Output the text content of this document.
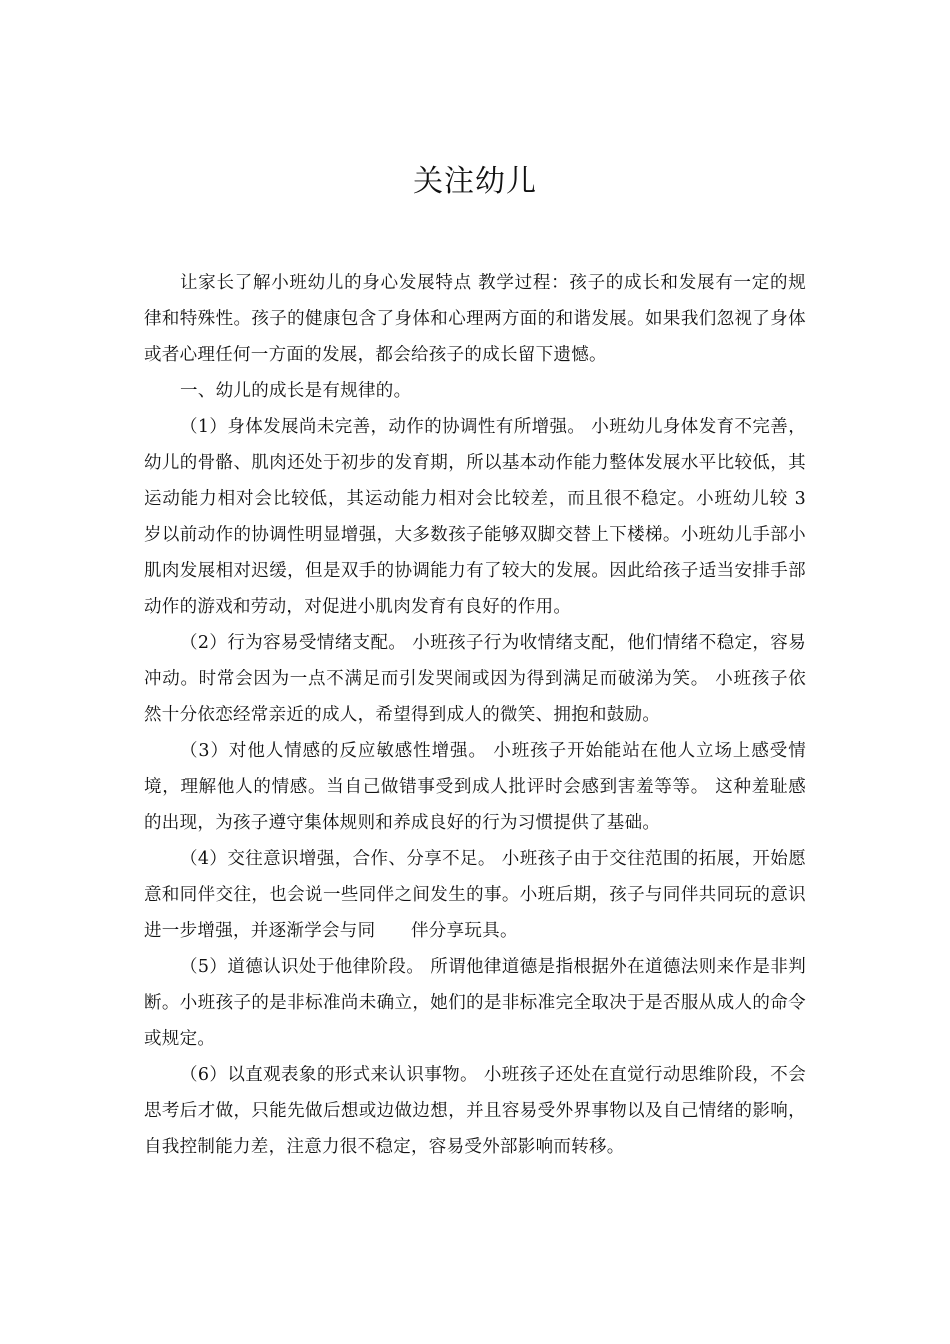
关注幼儿

让家长了解小班幼儿的身心发展特点 教学过程：孩子的成长和发展有一定的规律和特殊性。孩子的健康包含了身体和心理两方面的和谐发展。如果我们忽视了身体或者心理任何一方面的发展，都会给孩子的成长留下遗憾。

一、幼儿的成长是有规律的。

（1）身体发展尚未完善，动作的协调性有所增强。 小班幼儿身体发育不完善，幼儿的骨骼、肌肉还处于初步的发育期，所以基本动作能力整体发展水平比较低，其运动能力相对会比较低，其运动能力相对会比较差，而且很不稳定。小班幼儿较 3 岁以前动作的协调性明显增强，大多数孩子能够双脚交替上下楼梯。小班幼儿手部小肌肉发展相对迟缓，但是双手的协调能力有了较大的发展。因此给孩子适当安排手部动作的游戏和劳动，对促进小肌肉发育有良好的作用。

（2）行为容易受情绪支配。 小班孩子行为收情绪支配，他们情绪不稳定，容易冲动。时常会因为一点不满足而引发哭闹或因为得到满足而破涕为笑。 小班孩子依然十分依恋经常亲近的成人，希望得到成人的微笑、拥抱和鼓励。

（3）对他人情感的反应敏感性增强。 小班孩子开始能站在他人立场上感受情境，理解他人的情感。当自己做错事受到成人批评时会感到害羞等等。 这种羞耻感的出现，为孩子遵守集体规则和养成良好的行为习惯提供了基础。

（4）交往意识增强，合作、分享不足。 小班孩子由于交往范围的拓展，开始愿意和同伴交往，也会说一些同伴之间发生的事。小班后期，孩子与同伴共同玩的意识进一步增强，并逐渐学会与同　　伴分享玩具。

（5）道德认识处于他律阶段。 所谓他律道德是指根据外在道德法则来作是非判断。小班孩子的是非标准尚未确立，她们的是非标准完全取决于是否服从成人的命令或规定。

（6）以直观表象的形式来认识事物。 小班孩子还处在直觉行动思维阶段，不会思考后才做，只能先做后想或边做边想，并且容易受外界事物以及自己情绪的影响，自我控制能力差，注意力很不稳定，容易受外部影响而转移。
